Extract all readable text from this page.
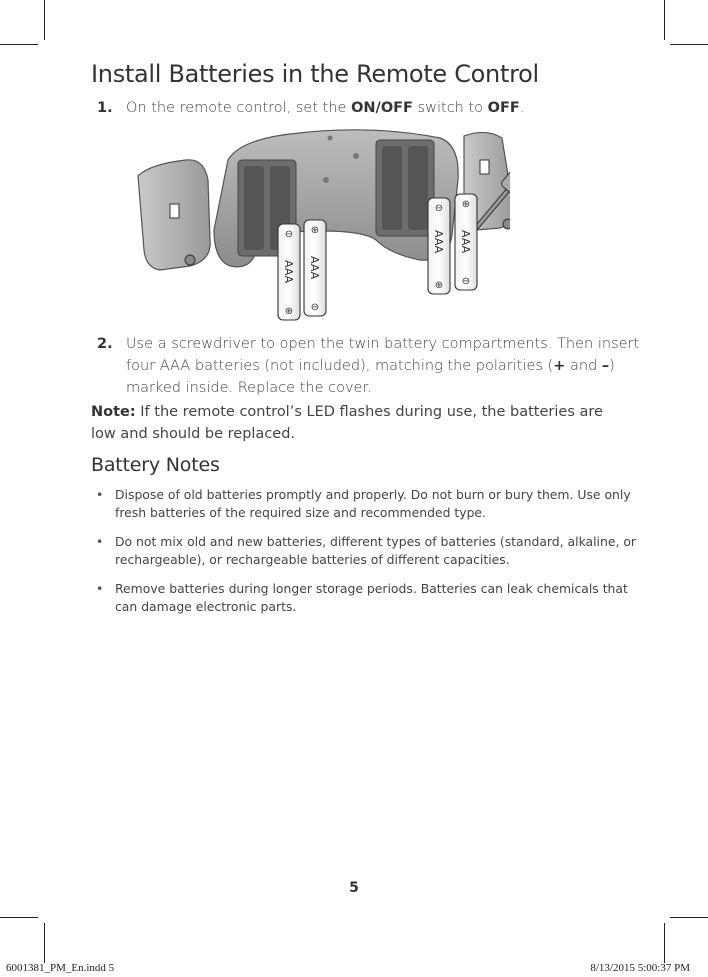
Install Batteries in the Remote Control
1. On the remote control, set the ON/OFF switch to OFF.
⊖
⊕
AAA
⊕
⊖
AAA
⊖
⊕
AAA
⊕
⊖
AAA
2. Use a screwdriver to open the twin battery compartments. Then insert four AAA batteries (not included), matching the polarities (+ and –) marked inside. Replace the cover.
Note: If the remote control’s LED flashes during use, the batteries are low and should be replaced.
Battery Notes
• Dispose of old batteries promptly and properly. Do not burn or bury them. Use only fresh batteries of the required size and recommended type.
• Do not mix old and new batteries, different types of batteries (standard, alkaline, or rechargeable), or rechargeable batteries of different capacities.
• Remove batteries during longer storage periods. Batteries can leak chemicals that can damage electronic parts.
5
6001381_PM_En.indd 5	8/13/2015 5:00:37 PM
